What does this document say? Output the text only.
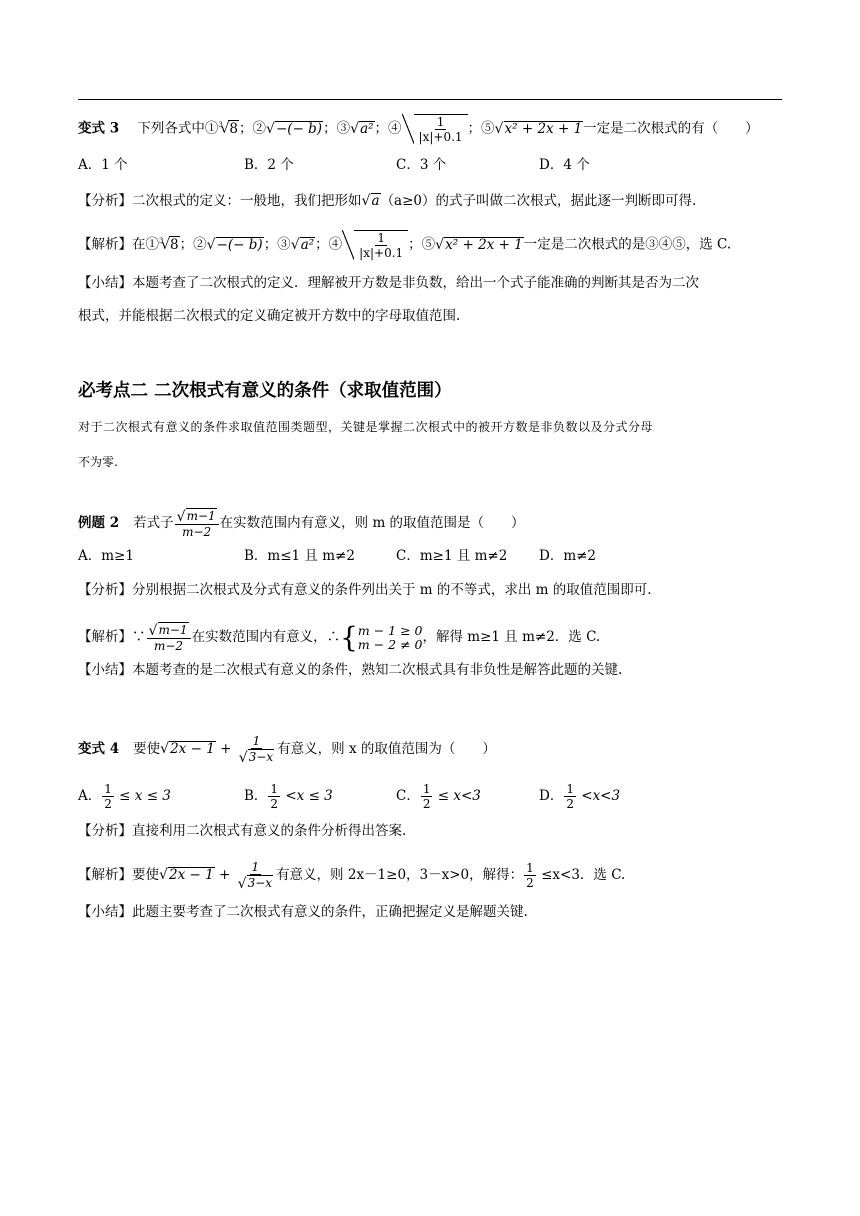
变式 3 下列各式中① √ 3 8；② √ −(− b)；③ √ a²；④ $\frac{1}{|x|+0.1}$ ；⑤ √ x² + 2x + 1一定是二次根式的有（　　）
A．1 个	B．2 个	C．3 个	D．4 个
【分析】二次根式的定义：一般地，我们把形如 √ a（a≥0）的式子叫做二次根式，据此逐一判断即可得.
【解析】在① √ 3 8；② √ −(− b)；③ √ a²；④ $\frac{1}{|x|+0.1}$ ；⑤ √ x² + 2x + 1一定是二次根式的是③④⑤，选 C.
【小结】本题考查了二次根式的定义．理解被开方数是非负数，给出一个式子能准确的判断其是否为二次
根式，并能根据二次根式的定义确定被开方数中的字母取值范围.
必考点二 二次根式有意义的条件（求取值范围）
对于二次根式有意义的条件求取值范围类题型，关键是掌握二次根式中的被开方数是非负数以及分式分母
不为零.
例题 2 若式子 √ $\frac{m-1}{m-2}$ 在实数范围内有意义，则 m 的取值范围是（　　）
A．m≥1	B．m≤1 且 m≠2	C．m≥1 且 m≠2 D．m≠2
【分析】分别根据二次根式及分式有意义的条件列出关于 m 的不等式，求出 m 的取值范围即可.
【解析】∵ √ $\frac{m-1}{m-2}$ 在实数范围内有意义，∴{ m − 1 ≥ 0
m − 2 ≠ 0 ，解得 m≥1 且 m≠2．选 C.
【小结】本题考查的是二次根式有意义的条件，熟知二次根式具有非负性是解答此题的关键.
变式 4 要使 √ 2x − 1 + 1
√ 3−x 有意义，则 x 的取值范围为（　　）
A． $\frac{1}{2} \le x \le 3$	B． $\frac{1}{2} <x \le 3$	C． $\frac{1}{2} \le x<3$	D． $\frac{1}{2} <x<3$
【分析】直接利用二次根式有意义的条件分析得出答案.
【解析】要使 √ 2x − 1 + 1
√ 3−x 有意义，则 2x－1≥0，3－x>0，解得： $\frac{1}{2} \le x<3$．选 C.
【小结】此题主要考查了二次根式有意义的条件，正确把握定义是解题关键.
